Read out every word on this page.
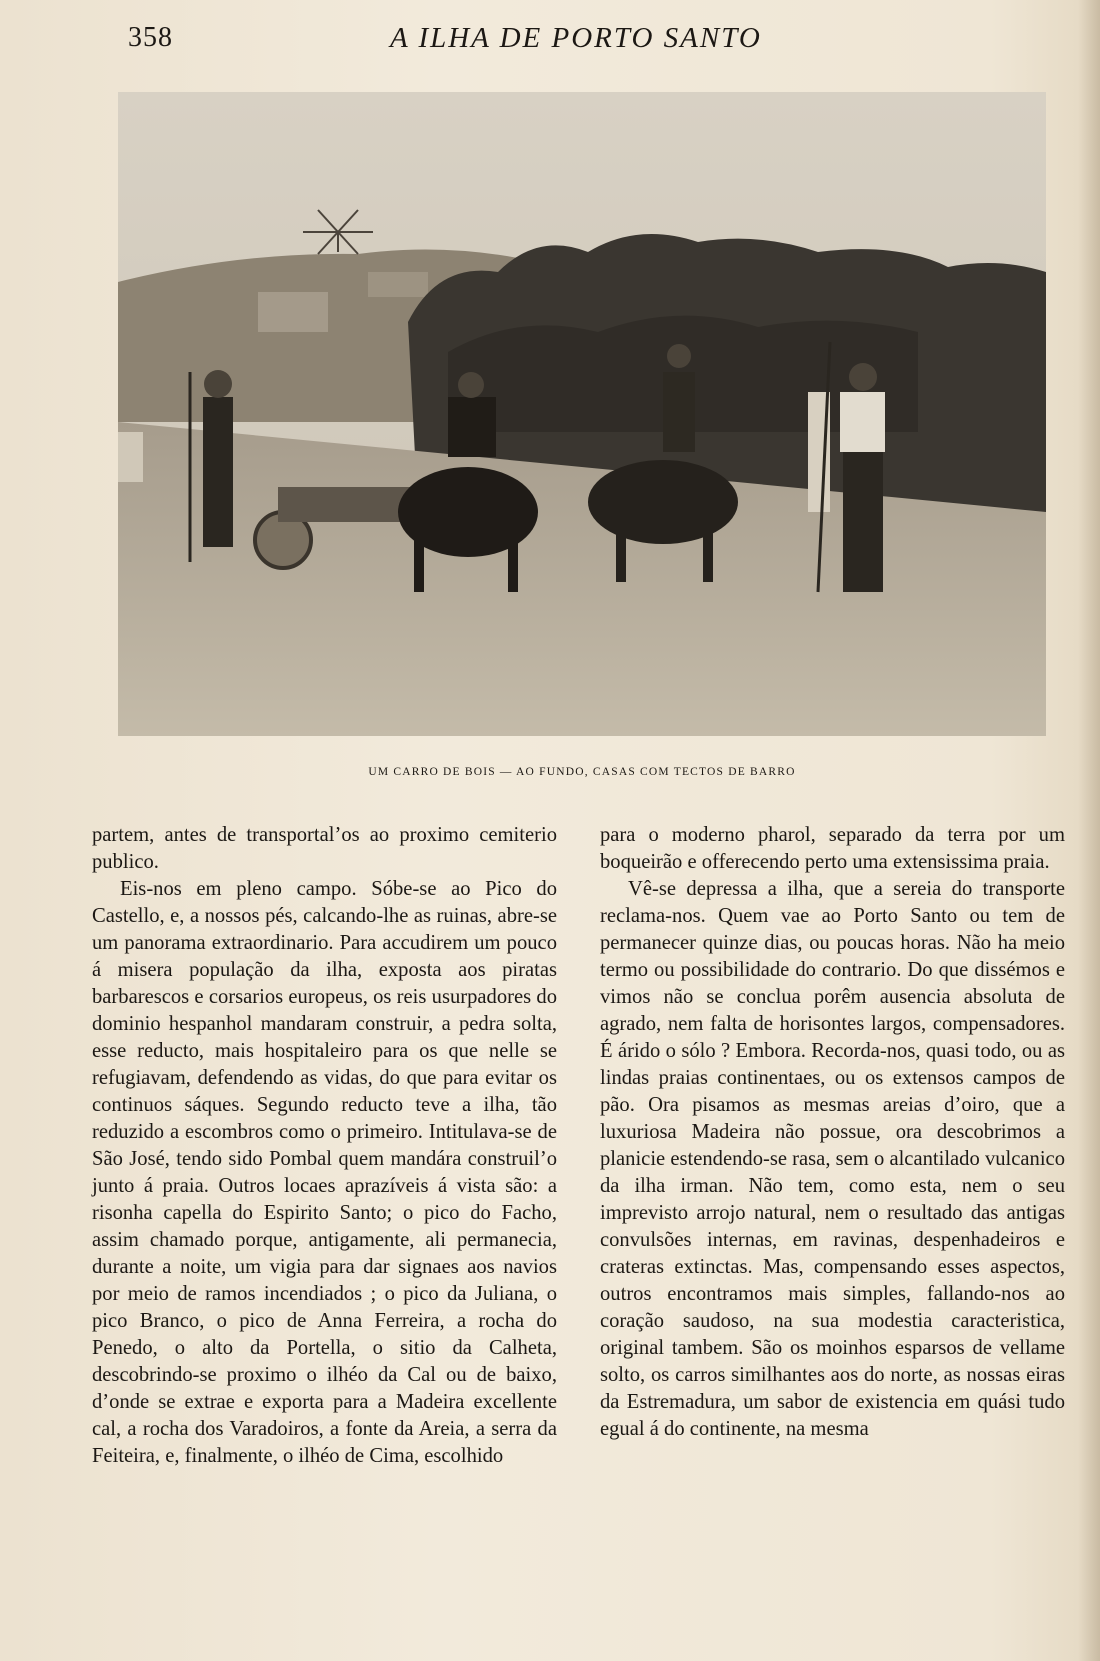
358	A ILHA DE PORTO SANTO
UM CARRO DE BOIS — AO FUNDO, CASAS COM TECTOS DE BARRO

partem, antes de transportal’os ao proximo cemiterio publico.

Eis-nos em pleno campo. Sóbe-se ao Pico do Castello, e, a nossos pés, calcando-lhe as ruinas, abre-se um panorama extraordinario. Para accudirem um pouco á misera população da ilha, exposta aos piratas barbarescos e corsarios europeus, os reis usurpadores do dominio hespanhol mandaram construir, a pedra solta, esse reducto, mais hospitaleiro para os que nelle se refugiavam, defendendo as vidas, do que para evitar os continuos sáques. Segundo reducto teve a ilha, tão reduzido a escombros como o primeiro. Intitulava-se de São José, tendo sido Pombal quem mandára construil’o junto á praia. Outros locaes aprazíveis á vista são: a risonha capella do Espirito Santo; o pico do Facho, assim chamado porque, antigamente, ali permanecia, durante a noite, um vigia para dar signaes aos navios por meio de ramos incendiados ; o pico da Juliana, o pico Branco, o pico de Anna Ferreira, a rocha do Penedo, o alto da Portella, o sitio da Calheta, descobrindo-se proximo o ilhéo da Cal ou de baixo, d’onde se extrae e exporta para a Madeira excellente cal, a rocha dos Varadoiros, a fonte da Areia, a serra da Feiteira, e, finalmente, o ilhéo de Cima, escolhido

para o moderno pharol, separado da terra por um boqueirão e offerecendo perto uma extensissima praia.

Vê-se depressa a ilha, que a sereia do transporte reclama-nos. Quem vae ao Porto Santo ou tem de permanecer quinze dias, ou poucas horas. Não ha meio termo ou possibilidade do contrario. Do que dissémos e vimos não se conclua porêm ausencia absoluta de agrado, nem falta de horisontes largos, compensadores. É árido o sólo ? Embora. Recorda-nos, quasi todo, ou as lindas praias continentaes, ou os extensos campos de pão. Ora pisamos as mesmas areias d’oiro, que a luxuriosa Madeira não possue, ora descobrimos a planicie estendendo-se rasa, sem o alcantilado vulcanico da ilha irman. Não tem, como esta, nem o seu imprevisto arrojo natural, nem o resultado das antigas convulsões internas, em ravinas, despenhadeiros e crateras extinctas. Mas, compensando esses aspectos, outros encontramos mais simples, fallando-nos ao coração saudoso, na sua modestia caracteristica, original tambem. São os moinhos esparsos de vellame solto, os carros similhantes aos do norte, as nossas eiras da Estremadura, um sabor de existencia em quási tudo egual á do continente, na mesma
